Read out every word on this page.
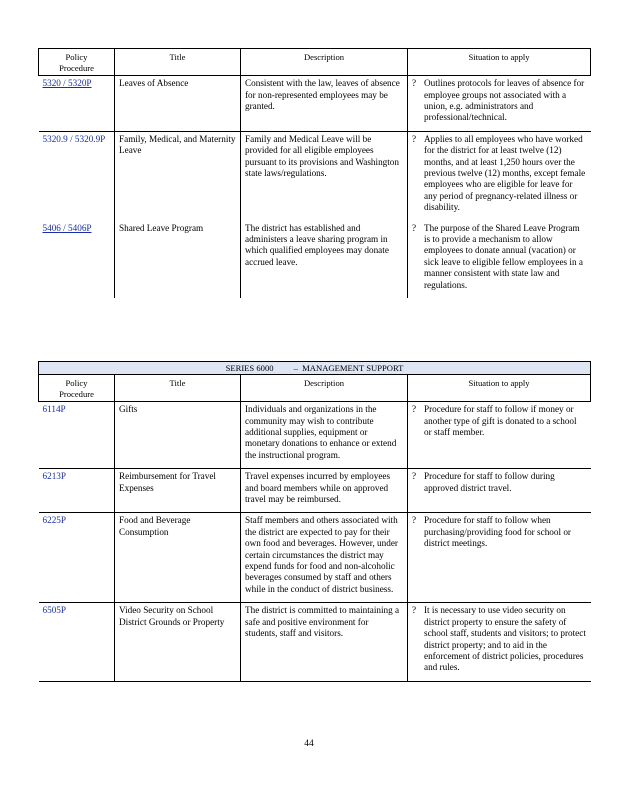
Policy
Procedure	Title	Description	Situation to apply
5320 / 5320P	Leaves of Absence	Consistent with the law, leaves of absence for non-represented employees may be granted.	? Outlines protocols for leaves of absence for employee groups not associated with a union, e.g. administrators and professional/technical.

5320.9 / 5320.9P	Family, Medical, and Maternity Leave	Family and Medical Leave will be provided for all eligible employees pursuant to its provisions and Washington state laws/regulations.	? Applies to all employees who have worked for the district for at least twelve (12) months, and at least 1,250 hours over the previous twelve (12) months, except female employees who are eligible for leave for any period of pregnancy-related illness or disability.

5406 / 5406P	Shared Leave Program	The district has established and administers a leave sharing program in which qualified employees may donate accrued leave.	? The purpose of the Shared Leave Program is to provide a mechanism to allow employees to donate annual (vacation) or sick leave to eligible fellow employees in a manner consistent with state law and regulations.
SERIES 6000 – MANAGEMENT SUPPORT			
Policy
Procedure	Title	Description	Situation to apply
6114P	Gifts	Individuals and organizations in the community may wish to contribute additional supplies, equipment or monetary donations to enhance or extend the instructional program.	? Procedure for staff to follow if money or another type of gift is donated to a school or staff member.

6213P	Reimbursement for Travel Expenses	Travel expenses incurred by employees and board members while on approved travel may be reimbursed.	? Procedure for staff to follow during approved district travel.

6225P	Food and Beverage Consumption	Staff members and others associated with the district are expected to pay for their own food and beverages. However, under certain circumstances the district may expend funds for food and non-alcoholic beverages consumed by staff and others while in the conduct of district business.	? Procedure for staff to follow when purchasing/providing food for school or district meetings.

6505P	Video Security on School District Grounds or Property	The district is committed to maintaining a safe and positive environment for students, staff and visitors.	? It is necessary to use video security on district property to ensure the safety of school staff, students and visitors; to protect district property; and to aid in the enforcement of district policies, procedures and rules.
44
